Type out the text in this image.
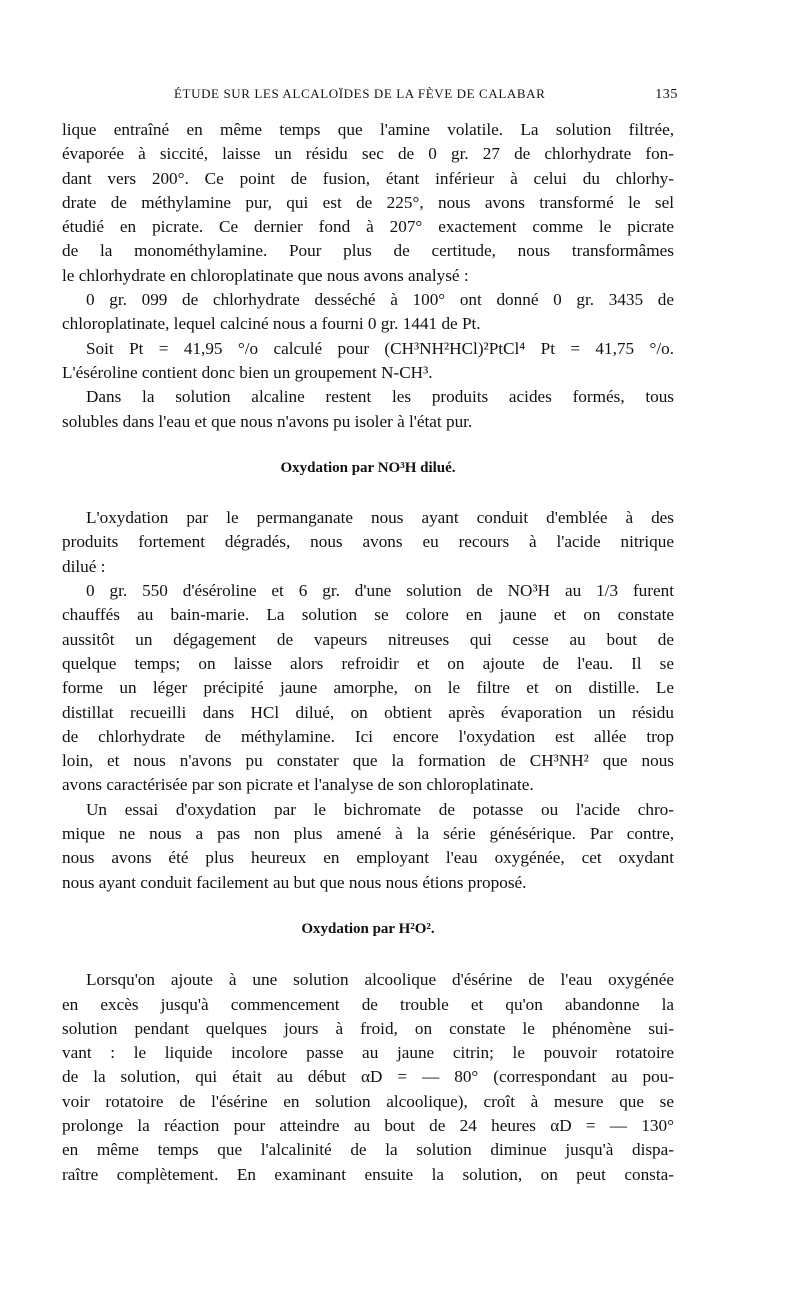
ÉTUDE SUR LES ALCALOÏDES DE LA FÈVE DE CALABAR	135
lique entraîné en même temps que l'amine volatile. La solution filtrée,
évaporée à siccité, laisse un résidu sec de 0 gr. 27 de chlorhydrate fon-
dant vers 200°. Ce point de fusion, étant inférieur à celui du chlorhy-
drate de méthylamine pur, qui est de 225°, nous avons transformé le sel
étudié en picrate. Ce dernier fond à 207° exactement comme le picrate
de la monométhylamine. Pour plus de certitude, nous transformâmes
le chlorhydrate en chloroplatinate que nous avons analysé :
0 gr. 099 de chlorhydrate desséché à 100° ont donné 0 gr. 3435 de
chloroplatinate, lequel calciné nous a fourni 0 gr. 1441 de Pt.
Soit Pt = 41,95 °/o calculé pour (CH³NH²HCl)²PtCl⁴ Pt = 41,75 °/o.
L'éséroline contient donc bien un groupement N-CH³.
Dans la solution alcaline restent les produits acides formés, tous
solubles dans l'eau et que nous n'avons pu isoler à l'état pur.
Oxydation par NO³H dilué.
L'oxydation par le permanganate nous ayant conduit d'emblée à des
produits fortement dégradés, nous avons eu recours à l'acide nitrique
dilué :
0 gr. 550 d'éséroline et 6 gr. d'une solution de NO³H au 1/3 furent
chauffés au bain-marie. La solution se colore en jaune et on constate
aussitôt un dégagement de vapeurs nitreuses qui cesse au bout de
quelque temps; on laisse alors refroidir et on ajoute de l'eau. Il se
forme un léger précipité jaune amorphe, on le filtre et on distille. Le
distillat recueilli dans HCl dilué, on obtient après évaporation un résidu
de chlorhydrate de méthylamine. Ici encore l'oxydation est allée trop
loin, et nous n'avons pu constater que la formation de CH³NH² que nous
avons caractérisée par son picrate et l'analyse de son chloroplatinate.
Un essai d'oxydation par le bichromate de potasse ou l'acide chro-
mique ne nous a pas non plus amené à la série génésérique. Par contre,
nous avons été plus heureux en employant l'eau oxygénée, cet oxydant
nous ayant conduit facilement au but que nous nous étions proposé.
Oxydation par H²O².
Lorsqu'on ajoute à une solution alcoolique d'ésérine de l'eau oxygénée
en excès jusqu'à commencement de trouble et qu'on abandonne la
solution pendant quelques jours à froid, on constate le phénomène sui-
vant : le liquide incolore passe au jaune citrin; le pouvoir rotatoire
de la solution, qui était au début αD = — 80° (correspondant au pou-
voir rotatoire de l'ésérine en solution alcoolique), croît à mesure que se
prolonge la réaction pour atteindre au bout de 24 heures αD = — 130°
en même temps que l'alcalinité de la solution diminue jusqu'à dispa-
raître complètement. En examinant ensuite la solution, on peut consta-
